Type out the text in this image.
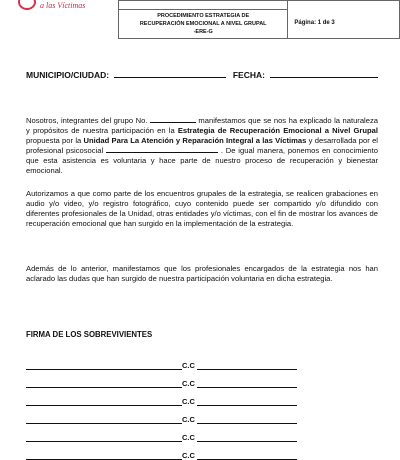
a las Víctimas
PROCEDIMIENTO ESTRATEGIA DE
RECUPERACIÓN EMOCIONAL A NIVEL GRUPAL
-ERE-G	Página: 1 de 3
MUNICIPIO/CIUDAD:	FECHA:
Nosotros, integrantes del grupo No.	manifestamos que se nos ha explicado la naturaleza y propósitos de nuestra participación en la Estrategia de Recuperación Emocional a Nivel Grupal propuesta por la Unidad Para La Atención y Reparación Integral a las Víctimas y desarrollada por el profesional psicosocial	. De igual manera, ponemos en conocimiento que esta asistencia es voluntaria y hace parte de nuestro proceso de recuperación y bienestar emocional.
Autorizamos a que como parte de los encuentros grupales de la estrategia, se realicen grabaciones en audio y/o video, y/o registro fotográfico, cuyo contenido puede ser compartido y/o difundido con diferentes profesionales de la Unidad, otras entidades y/o víctimas, con el fin de mostrar los avances de recuperación emocional que han surgido en la implementación de la estrategia.
Además de lo anterior, manifestamos que los profesionales encargados de la estrategia nos han aclarado las dudas que han surgido de nuestra participación voluntaria en dicha estrategia.
FIRMA DE LOS SOBREVIVIENTES
C.C
C.C
C.C
C.C
C.C
C.C
